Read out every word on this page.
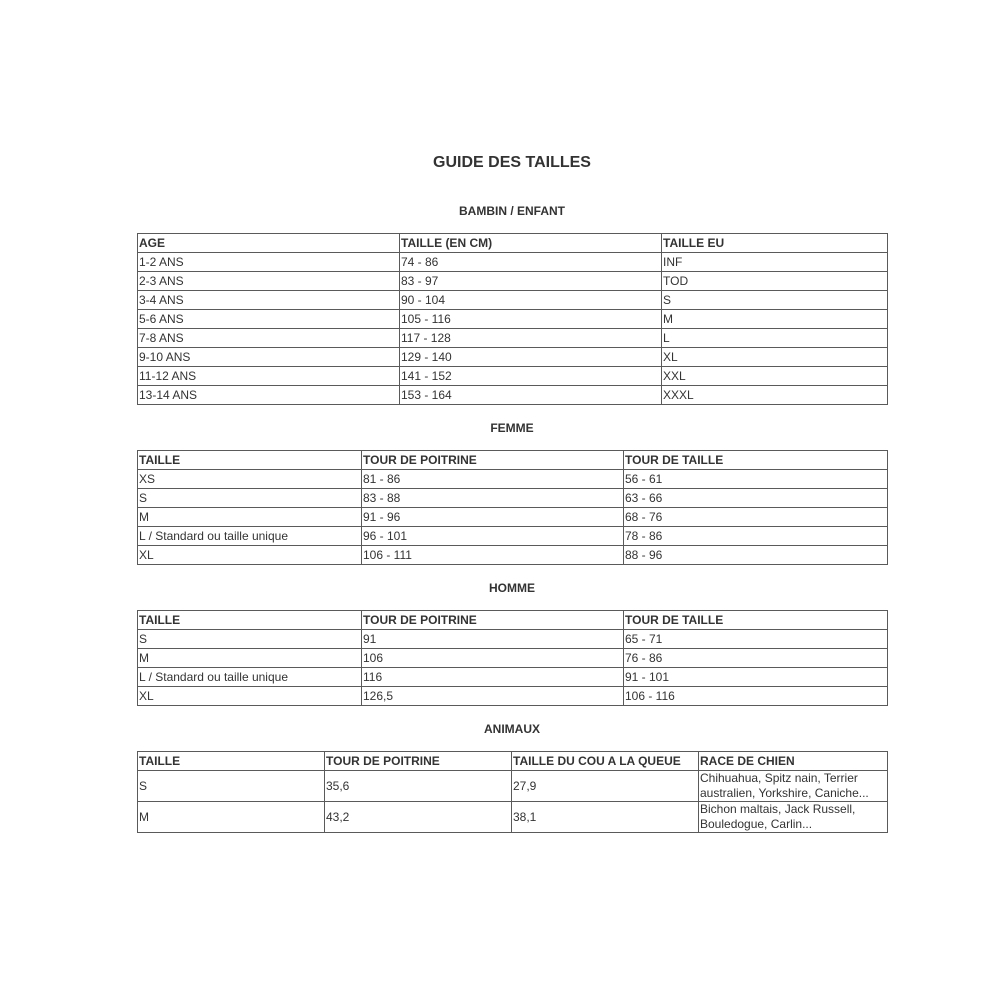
GUIDE DES TAILLES
BAMBIN / ENFANT
AGE	TAILLE (EN CM)	TAILLE EU
1-2 ANS	74 - 86	INF
2-3 ANS	83 - 97	TOD
3-4 ANS	90 - 104	S
5-6 ANS	105 - 116	M
7-8 ANS	117 - 128	L
9-10 ANS	129 - 140	XL
11-12 ANS	141 - 152	XXL
13-14 ANS	153 - 164	XXXL
FEMME
TAILLE	TOUR DE POITRINE	TOUR DE TAILLE
XS	81 - 86	56 - 61
S	83 - 88	63 - 66
M	91 - 96	68 - 76
L / Standard ou taille unique	96 - 101	78 - 86
XL	106 - 111	88 - 96
HOMME
TAILLE	TOUR DE POITRINE	TOUR DE TAILLE
S	91	65 - 71
M	106	76 - 86
L / Standard ou taille unique	116	91 - 101
XL	126,5	106 - 116
ANIMAUX
TAILLE	TOUR DE POITRINE	TAILLE DU COU A LA QUEUE	RACE DE CHIEN
S	35,6	27,9	Chihuahua, Spitz nain, Terrier australien, Yorkshire, Caniche...
M	43,2	38,1	Bichon maltais, Jack Russell, Bouledogue, Carlin...
